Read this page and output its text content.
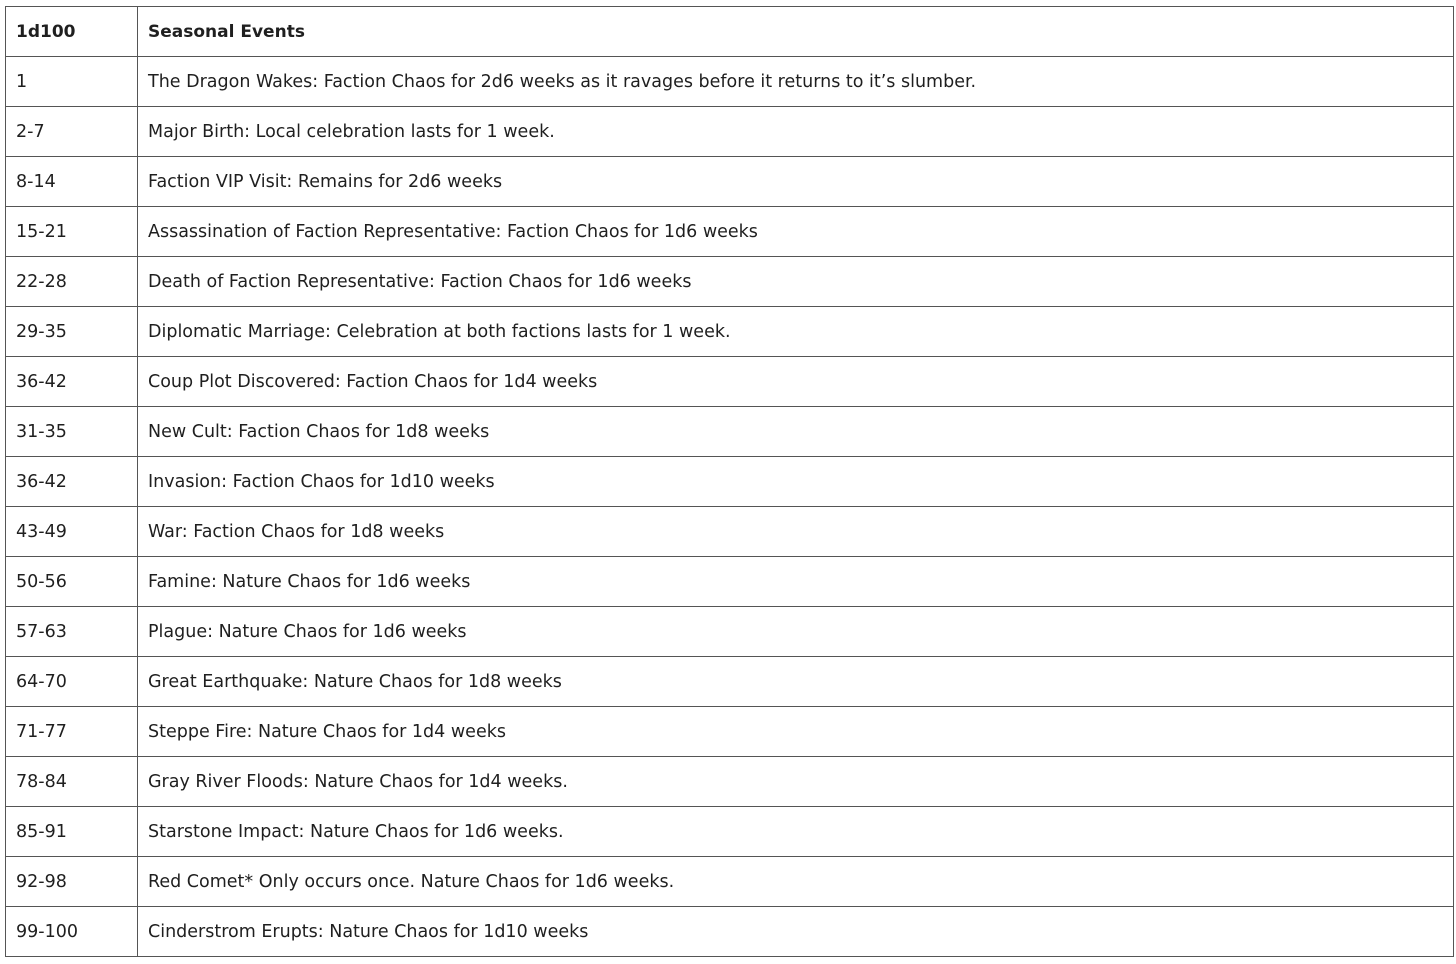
1d100	Seasonal Events
1	The Dragon Wakes: Faction Chaos for 2d6 weeks as it ravages before it returns to it’s slumber.
2-7	Major Birth: Local celebration lasts for 1 week.
8-14	Faction VIP Visit: Remains for 2d6 weeks
15-21	Assassination of Faction Representative: Faction Chaos for 1d6 weeks
22-28	Death of Faction Representative: Faction Chaos for 1d6 weeks
29-35	Diplomatic Marriage: Celebration at both factions lasts for 1 week.
36-42	Coup Plot Discovered: Faction Chaos for 1d4 weeks
31-35	New Cult: Faction Chaos for 1d8 weeks
36-42	Invasion: Faction Chaos for 1d10 weeks
43-49	War: Faction Chaos for 1d8 weeks
50-56	Famine: Nature Chaos for 1d6 weeks
57-63	Plague: Nature Chaos for 1d6 weeks
64-70	Great Earthquake: Nature Chaos for 1d8 weeks
71-77	Steppe Fire: Nature Chaos for 1d4 weeks
78-84	Gray River Floods: Nature Chaos for 1d4 weeks.
85-91	Starstone Impact: Nature Chaos for 1d6 weeks.
92-98	Red Comet* Only occurs once. Nature Chaos for 1d6 weeks.
99-100	Cinderstrom Erupts: Nature Chaos for 1d10 weeks
